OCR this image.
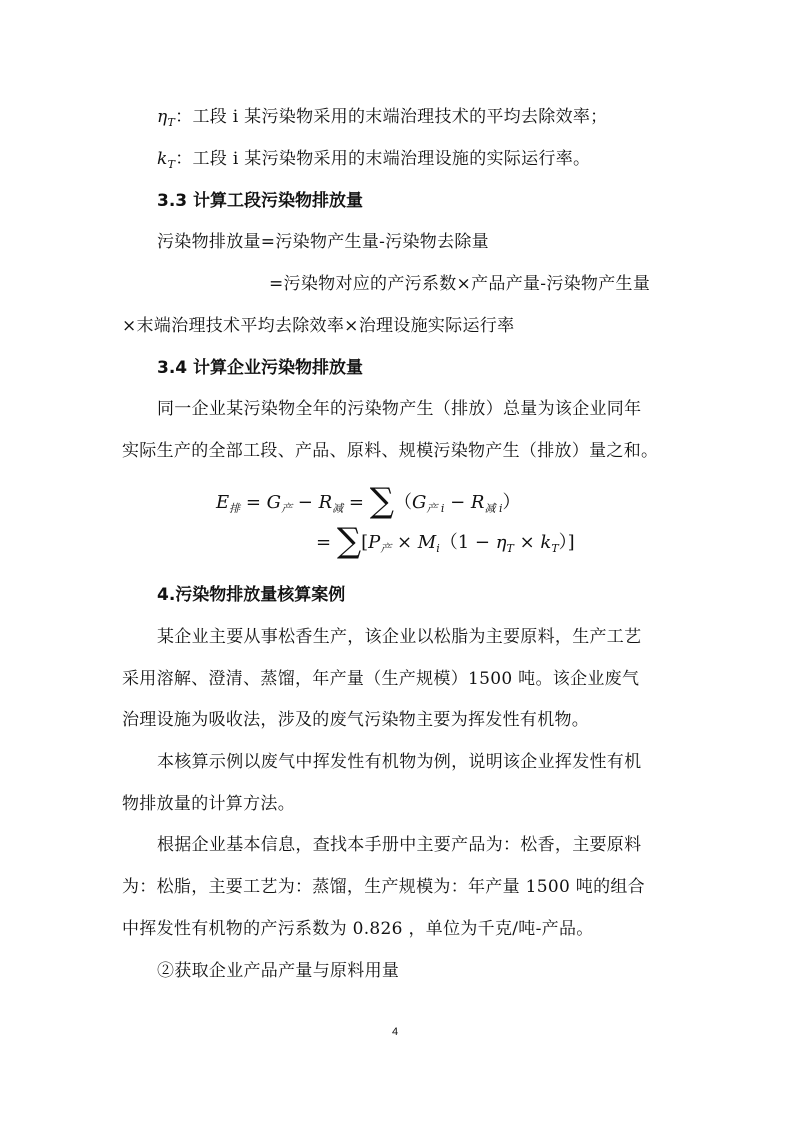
$\eta_T$：工段 i 某污染物采用的末端治理技术的平均去除效率；
$k_T$：工段 i 某污染物采用的末端治理设施的实际运行率。
3.3 计算工段污染物排放量
污染物排放量=污染物产生量-污染物去除量
=污染物对应的产污系数×产品产量-污染物产生量
×末端治理技术平均去除效率×治理设施实际运行率
3.4 计算企业污染物排放量
同一企业某污染物全年的污染物产生（排放）总量为该企业同年
实际生产的全部工段、产品、原料、规模污染物产生（排放）量之和。
$E_排 = G_产 - R_减 = \sum(G_{产 i} - R_{减 i})$
= $\sum[P_产 \times M_i(1 - \eta_T \times k_T)]$
4.污染物排放量核算案例
某企业主要从事松香生产，该企业以松脂为主要原料，生产工艺
采用溶解、澄清、蒸馏，年产量（生产规模）1500 吨。该企业废气
治理设施为吸收法，涉及的废气污染物主要为挥发性有机物。
本核算示例以废气中挥发性有机物为例，说明该企业挥发性有机
物排放量的计算方法。
根据企业基本信息，查找本手册中主要产品为：松香，主要原料
为：松脂，主要工艺为：蒸馏，生产规模为：年产量 1500 吨的组合
中挥发性有机物的产污系数为 0.826 ，单位为千克/吨-产品。
②获取企业产品产量与原料用量
4
